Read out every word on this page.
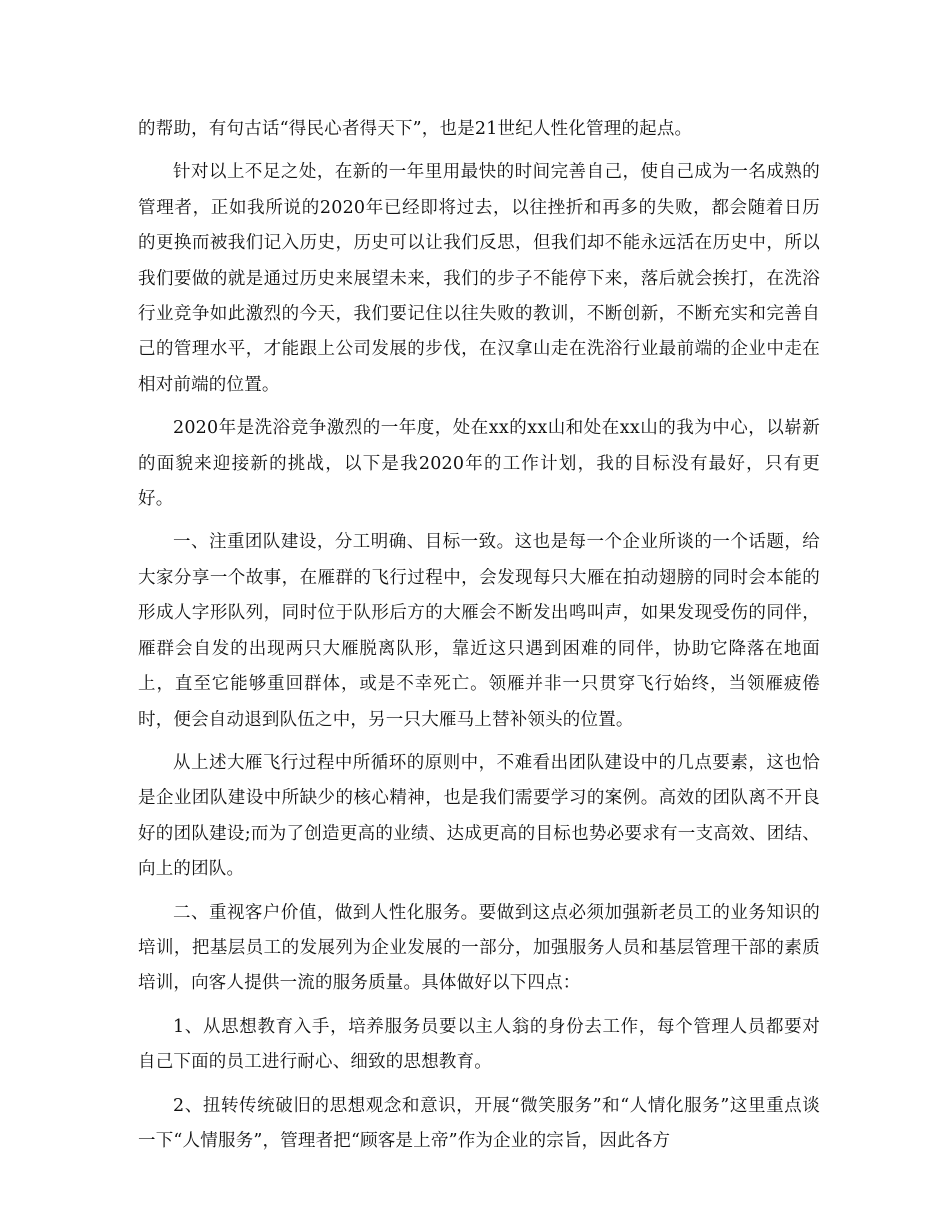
的帮助，有句古话“得民心者得天下”，也是21世纪人性化管理的起点。

针对以上不足之处，在新的一年里用最快的时间完善自己，使自己成为一名成熟的管理者，正如我所说的2020年已经即将过去，以往挫折和再多的失败，都会随着日历的更换而被我们记入历史，历史可以让我们反思，但我们却不能永远活在历史中，所以我们要做的就是通过历史来展望未来，我们的步子不能停下来，落后就会挨打，在洗浴行业竞争如此激烈的今天，我们要记住以往失败的教训，不断创新，不断充实和完善自己的管理水平，才能跟上公司发展的步伐，在汉拿山走在洗浴行业最前端的企业中走在相对前端的位置。

2020年是洗浴竞争激烈的一年度，处在xx的xx山和处在xx山的我为中心，以崭新的面貌来迎接新的挑战，以下是我2020年的工作计划，我的目标没有最好，只有更好。

一、注重团队建设，分工明确、目标一致。这也是每一个企业所谈的一个话题，给大家分享一个故事，在雁群的飞行过程中，会发现每只大雁在拍动翅膀的同时会本能的形成人字形队列，同时位于队形后方的大雁会不断发出鸣叫声，如果发现受伤的同伴，雁群会自发的出现两只大雁脱离队形，靠近这只遇到困难的同伴，协助它降落在地面上，直至它能够重回群体，或是不幸死亡。领雁并非一只贯穿飞行始终，当领雁疲倦时，便会自动退到队伍之中，另一只大雁马上替补领头的位置。

从上述大雁飞行过程中所循环的原则中，不难看出团队建设中的几点要素，这也恰是企业团队建设中所缺少的核心精神，也是我们需要学习的案例。高效的团队离不开良好的团队建设;而为了创造更高的业绩、达成更高的目标也势必要求有一支高效、团结、向上的团队。

二、重视客户价值，做到人性化服务。要做到这点必须加强新老员工的业务知识的培训，把基层员工的发展列为企业发展的一部分，加强服务人员和基层管理干部的素质培训，向客人提供一流的服务质量。具体做好以下四点：

1、从思想教育入手，培养服务员要以主人翁的身份去工作，每个管理人员都要对自己下面的员工进行耐心、细致的思想教育。

2、扭转传统破旧的思想观念和意识，开展“微笑服务”和“人情化服务”这里重点谈一下“人情服务”，管理者把“顾客是上帝”作为企业的宗旨，因此各方
